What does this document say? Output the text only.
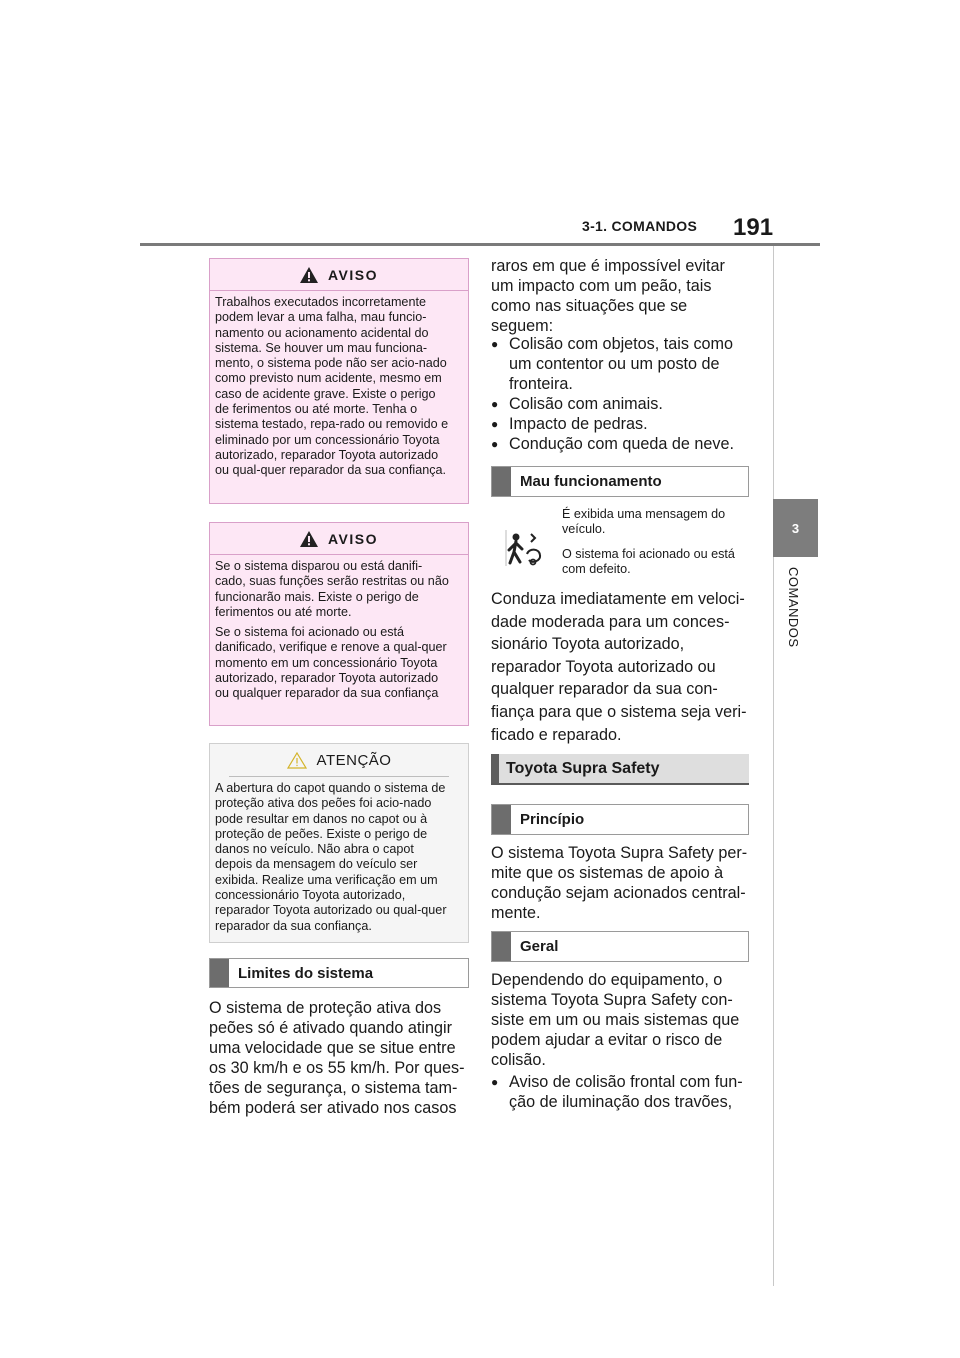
3-1. COMANDOS 191
3
COMANDOS
AVISO

Trabalhos executados incorretamente podem levar a uma falha, mau funcio-namento ou acionamento acidental do sistema. Se houver um mau funciona-mento, o sistema pode não ser acio-nado como previsto num acidente, mesmo em caso de acidente grave. Existe o perigo de ferimentos ou até morte. Tenha o sistema testado, repa-rado ou removido e eliminado por um concessionário Toyota autorizado, reparador Toyota autorizado ou qual-quer reparador da sua confiança.

AVISO

Se o sistema disparou ou está danifi-cado, suas funções serão restritas ou não funcionarão mais. Existe o perigo de ferimentos ou até morte.

Se o sistema foi acionado ou está danificado, verifique e renove a qual-quer momento em um concessionário Toyota autorizado, reparador Toyota autorizado ou qualquer reparador da sua confiança

ATENÇÃO

A abertura do capot quando o sistema de proteção ativa dos peões foi acio-nado pode resultar em danos no capot ou à proteção de peões. Existe o perigo de danos no veículo. Não abra o capot depois da mensagem do veículo ser exibida. Realize uma verificação em um concessionário Toyota autorizado, reparador Toyota autorizado ou qual-quer reparador da sua confiança.

Limites do sistema

O sistema de proteção ativa dos peões só é ativado quando atingir uma velocidade que se situe entre os 30 km/h e os 55 km/h. Por ques-tões de segurança, o sistema tam-bém poderá ser ativado nos casos

raros em que é impossível evitar um impacto com um peão, tais como nas situações que se seguem:

● Colisão com objetos, tais como um contentor ou um posto de fronteira.
● Colisão com animais.
● Impacto de pedras.
● Condução com queda de neve.
Mau funcionamento
É exibida uma mensagem do veículo.
O sistema foi acionado ou está com defeito.

Conduza imediatamente em veloci-dade moderada para um conces-sionário Toyota autorizado, reparador Toyota autorizado ou qualquer reparador da sua con-fiança para que o sistema seja veri-ficado e reparado.

Toyota Supra Safety
Princípio

O sistema Toyota Supra Safety per-mite que os sistemas de apoio à condução sejam acionados central-mente.

Geral

Dependendo do equipamento, o sistema Toyota Supra Safety con-siste em um ou mais sistemas que podem ajudar a evitar o risco de colisão.

● Aviso de colisão frontal com fun-ção de iluminação dos travões,
